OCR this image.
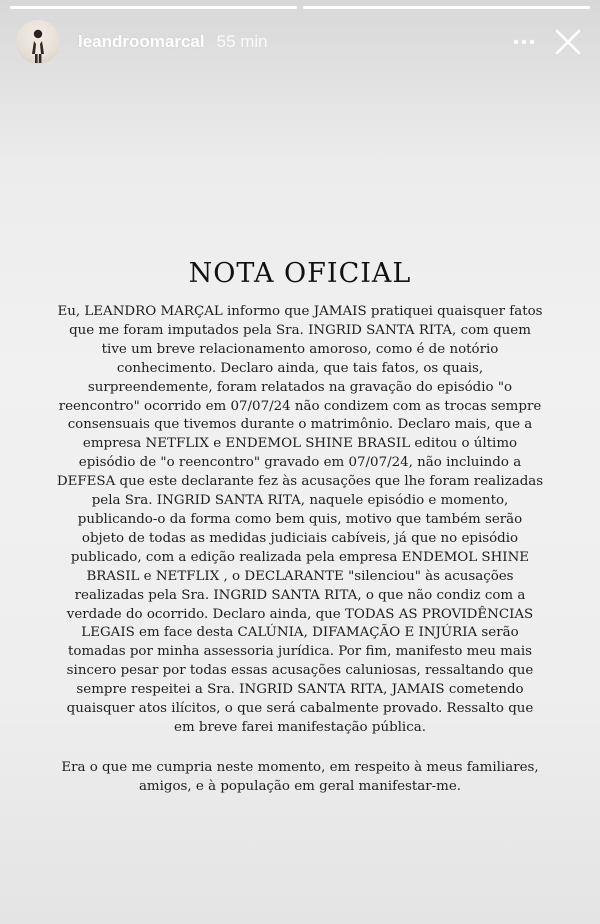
leandroomarcal 55 min
NOTA OFICIAL

Eu, LEANDRO MARÇAL informo que JAMAIS pratiquei quaisquer fatos que me foram imputados pela Sra. INGRID SANTA RITA, com quem tive um breve relacionamento amoroso, como é de notório conhecimento. Declaro ainda, que tais fatos, os quais, surpreendemente, foram relatados na gravação do episódio "o reencontro" ocorrido em 07/07/24 não condizem com as trocas sempre consensuais que tivemos durante o matrimônio. Declaro mais, que a empresa NETFLIX e ENDEMOL SHINE BRASIL editou o último episódio de "o reencontro" gravado em 07/07/24, não incluindo a DEFESA que este declarante fez às acusações que lhe foram realizadas pela Sra. INGRID SANTA RITA, naquele episódio e momento, publicando-o da forma como bem quis, motivo que também serão objeto de todas as medidas judiciais cabíveis, já que no episódio publicado, com a edição realizada pela empresa ENDEMOL SHINE BRASIL e NETFLIX , o DECLARANTE "silenciou" às acusações realizadas pela Sra. INGRID SANTA RITA, o que não condiz com a verdade do ocorrido. Declaro ainda, que TODAS AS PROVIDÊNCIAS LEGAIS em face desta CALÚNIA, DIFAMAÇÃO E INJÚRIA serão tomadas por minha assessoria jurídica. Por fim, manifesto meu mais sincero pesar por todas essas acusações caluniosas, ressaltando que sempre respeitei a Sra. INGRID SANTA RITA, JAMAIS cometendo quaisquer atos ilícitos, o que será cabalmente provado. Ressalto que em breve farei manifestação pública.

Era o que me cumpria neste momento, em respeito à meus familiares, amigos, e à população em geral manifestar-me.
